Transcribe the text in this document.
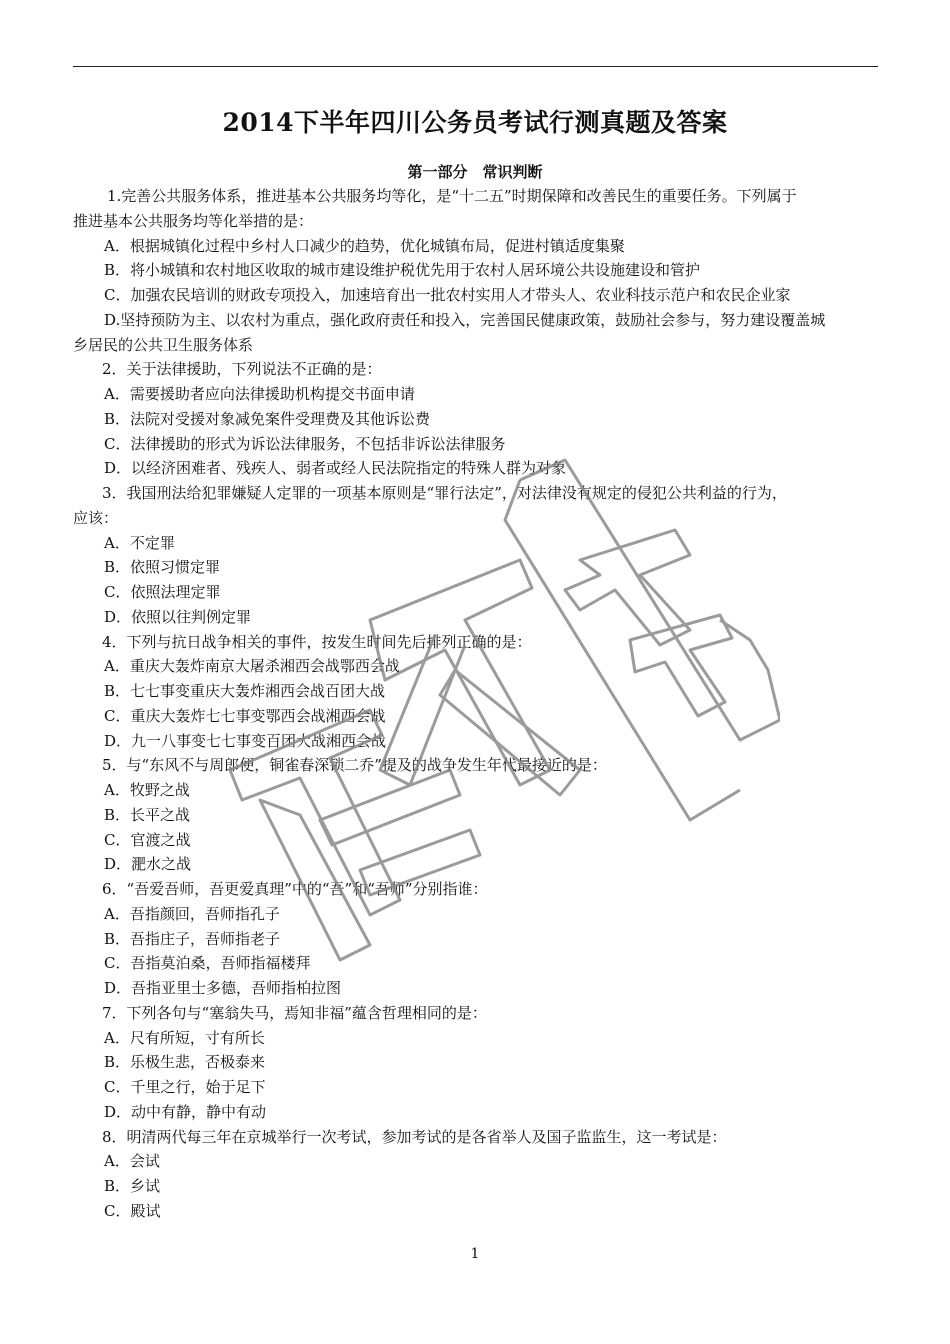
2014下半年四川公务员考试行测真题及答案
第一部分　常识判断
1.完善公共服务体系，推进基本公共服务均等化，是“十二五”时期保障和改善民生的重要任务。下列属于
推进基本公共服务均等化举措的是：
A．根据城镇化过程中乡村人口减少的趋势，优化城镇布局，促进村镇适度集聚
B．将小城镇和农村地区收取的城市建设维护税优先用于农村人居环境公共设施建设和管护
C．加强农民培训的财政专项投入，加速培育出一批农村实用人才带头人、农业科技示范户和农民企业家
D.坚持预防为主、以农村为重点，强化政府责任和投入，完善国民健康政策，鼓励社会参与，努力建设覆盖城
乡居民的公共卫生服务体系
2．关于法律援助，下列说法不正确的是：
A．需要援助者应向法律援助机构提交书面申请
B．法院对受援对象减免案件受理费及其他诉讼费
C．法律援助的形式为诉讼法律服务，不包括非诉讼法律服务
D．以经济困难者、残疾人、弱者或经人民法院指定的特殊人群为对象
3．我国刑法给犯罪嫌疑人定罪的一项基本原则是“罪行法定”，对法律没有规定的侵犯公共利益的行为，
应该：
A．不定罪
B．依照习惯定罪
C．依照法理定罪
D．依照以往判例定罪
4．下列与抗日战争相关的事件，按发生时间先后排列正确的是：
A．重庆大轰炸南京大屠杀湘西会战鄂西会战
B．七七事变重庆大轰炸湘西会战百团大战
C．重庆大轰炸七七事变鄂西会战湘西会战
D．九一八事变七七事变百团大战湘西会战
5．与“东风不与周郎便，铜雀春深锁二乔”提及的战争发生年代最接近的是：
A．牧野之战
B．长平之战
C．官渡之战
D．淝水之战
6．“吾爱吾师，吾更爱真理”中的“吾”和“吾师”分别指谁：
A．吾指颜回，吾师指孔子
B．吾指庄子，吾师指老子
C．吾指莫泊桑，吾师指福楼拜
D．吾指亚里士多德，吾师指柏拉图
7．下列各句与“塞翁失马，焉知非福”蕴含哲理相同的是：
A．尺有所短，寸有所长
B．乐极生悲，否极泰来
C．千里之行，始于足下
D．动中有静，静中有动
8．明清两代每三年在京城举行一次考试，参加考试的是各省举人及国子监监生，这一考试是：
A．会试
B．乡试
C．殿试
1
